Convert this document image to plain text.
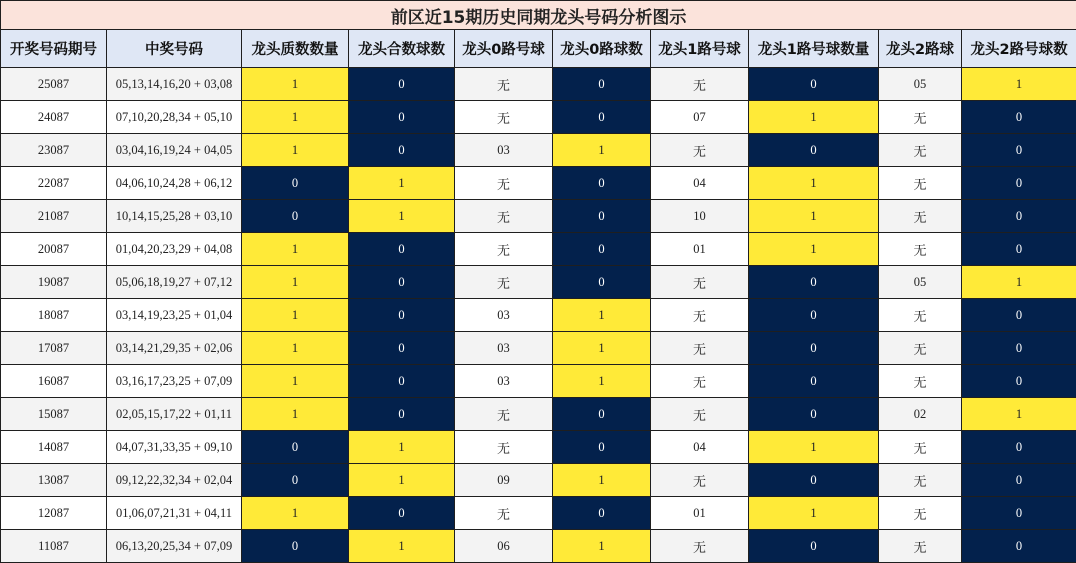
前区近15期历史同期龙头号码分析图示									
开奖号码期号	中奖号码	龙头质数数量	龙头合数球数	龙头0路号球	龙头0路球数	龙头1路号球	龙头1路号球数量	龙头2路球	龙头2路号球数
25087	05,13,14,16,20 + 03,08	1	0	无	0	无	0	05	1
24087	07,10,20,28,34 + 05,10	1	0	无	0	07	1	无	0
23087	03,04,16,19,24 + 04,05	1	0	03	1	无	0	无	0
22087	04,06,10,24,28 + 06,12	0	1	无	0	04	1	无	0
21087	10,14,15,25,28 + 03,10	0	1	无	0	10	1	无	0
20087	01,04,20,23,29 + 04,08	1	0	无	0	01	1	无	0
19087	05,06,18,19,27 + 07,12	1	0	无	0	无	0	05	1
18087	03,14,19,23,25 + 01,04	1	0	03	1	无	0	无	0
17087	03,14,21,29,35 + 02,06	1	0	03	1	无	0	无	0
16087	03,16,17,23,25 + 07,09	1	0	03	1	无	0	无	0
15087	02,05,15,17,22 + 01,11	1	0	无	0	无	0	02	1
14087	04,07,31,33,35 + 09,10	0	1	无	0	04	1	无	0
13087	09,12,22,32,34 + 02,04	0	1	09	1	无	0	无	0
12087	01,06,07,21,31 + 04,11	1	0	无	0	01	1	无	0
11087	06,13,20,25,34 + 07,09	0	1	06	1	无	0	无	0
